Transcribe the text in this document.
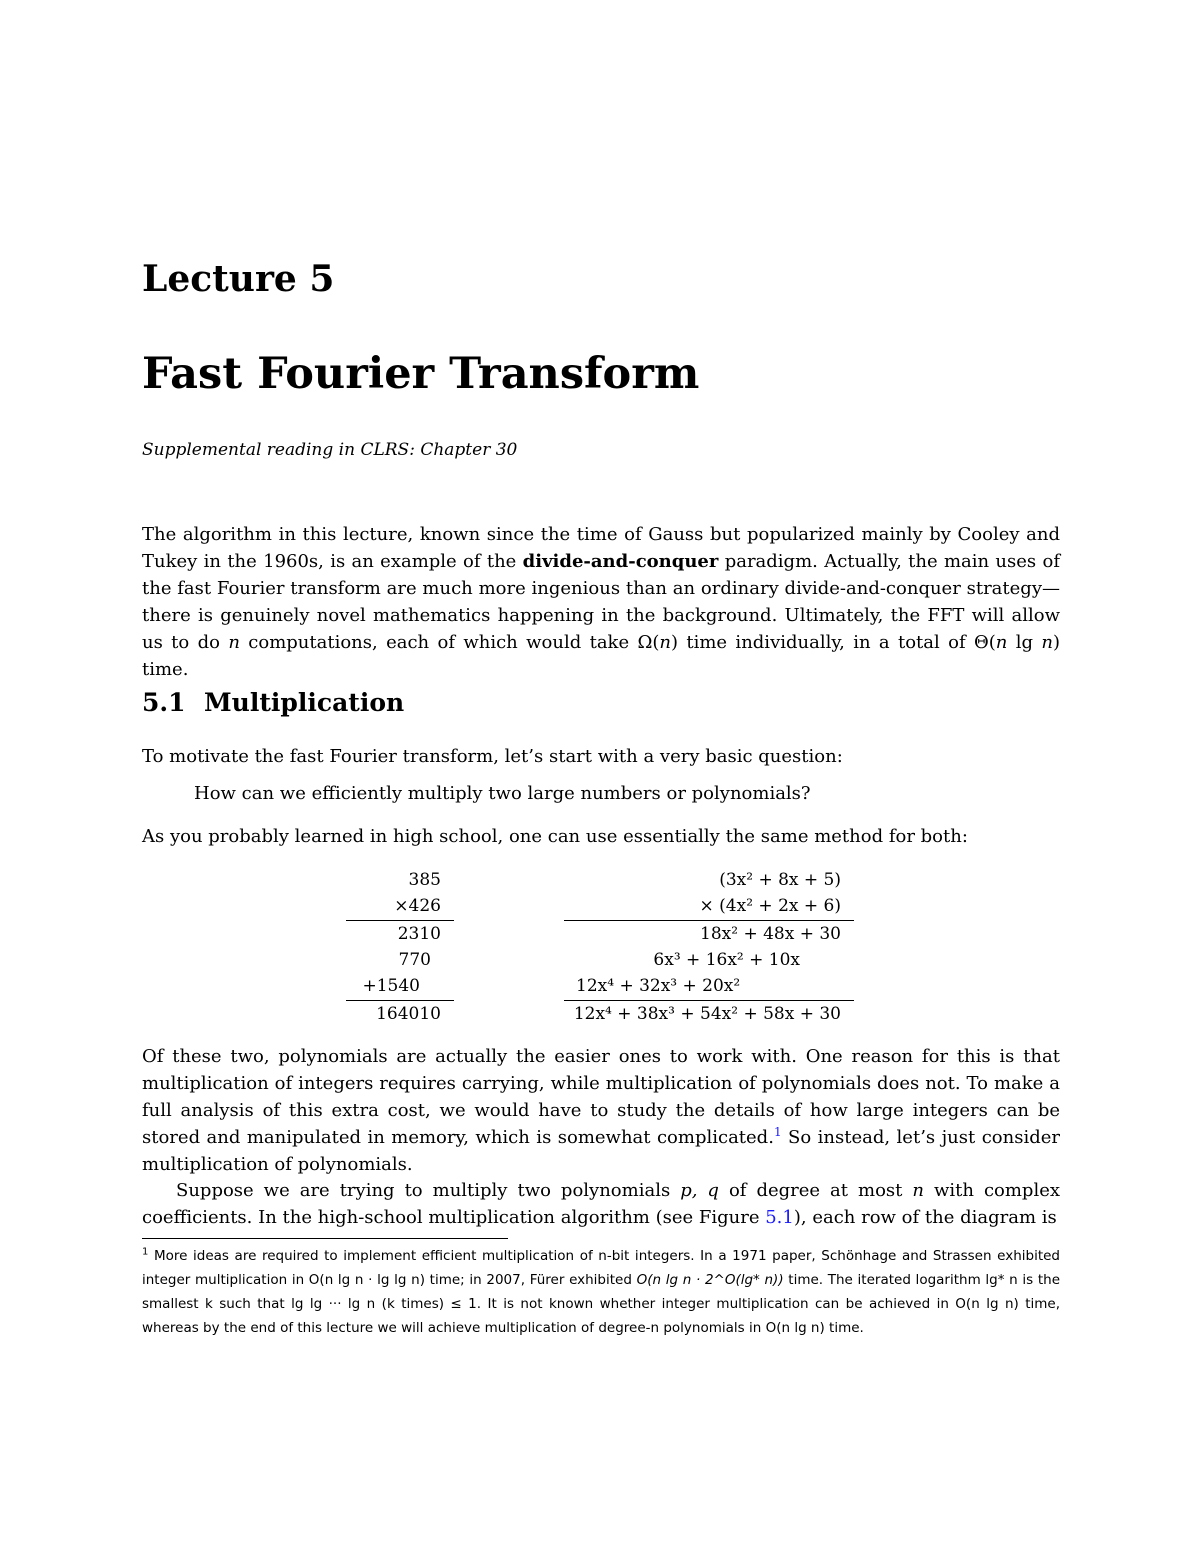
Lecture 5
Fast Fourier Transform
Supplemental reading in CLRS: Chapter 30
The algorithm in this lecture, known since the time of Gauss but popularized mainly by Cooley and Tukey in the 1960s, is an example of the divide-and-conquer paradigm. Actually, the main uses of the fast Fourier transform are much more ingenious than an ordinary divide-and-conquer strategy—there is genuinely novel mathematics happening in the background. Ultimately, the FFT will allow us to do n computations, each of which would take Ω(n) time individually, in a total of Θ(n lg n) time.
5.1 Multiplication
To motivate the fast Fourier transform, let’s start with a very basic question:
How can we efficiently multiply two large numbers or polynomials?
As you probably learned in high school, one can use essentially the same method for both:
385
×426
2310
770
+1540
164010
(3x² + 8x + 5)
× (4x² + 2x + 6)
18x² + 48x + 30
6x³ + 16x² + 10x
12x⁴ + 32x³ + 20x²
12x⁴ + 38x³ + 54x² + 58x + 30
Of these two, polynomials are actually the easier ones to work with. One reason for this is that multiplication of integers requires carrying, while multiplication of polynomials does not. To make a full analysis of this extra cost, we would have to study the details of how large integers can be stored and manipulated in memory, which is somewhat complicated.$^1$ So instead, let’s just consider multiplication of polynomials.
Suppose we are trying to multiply two polynomials p, q of degree at most n with complex coefficients. In the high-school multiplication algorithm (see Figure 5.1), each row of the diagram is
$^1$ More ideas are required to implement efficient multiplication of n-bit integers. In a 1971 paper, Schönhage and Strassen exhibited integer multiplication in O(n lg n · lg lg n) time; in 2007, Fürer exhibited O(n lg n · 2^O(lg* n)) time. The iterated logarithm lg* n is the smallest k such that lg lg ··· lg n (k times) ≤ 1. It is not known whether integer multiplication can be achieved in O(n lg n) time, whereas by the end of this lecture we will achieve multiplication of degree-n polynomials in O(n lg n) time.
